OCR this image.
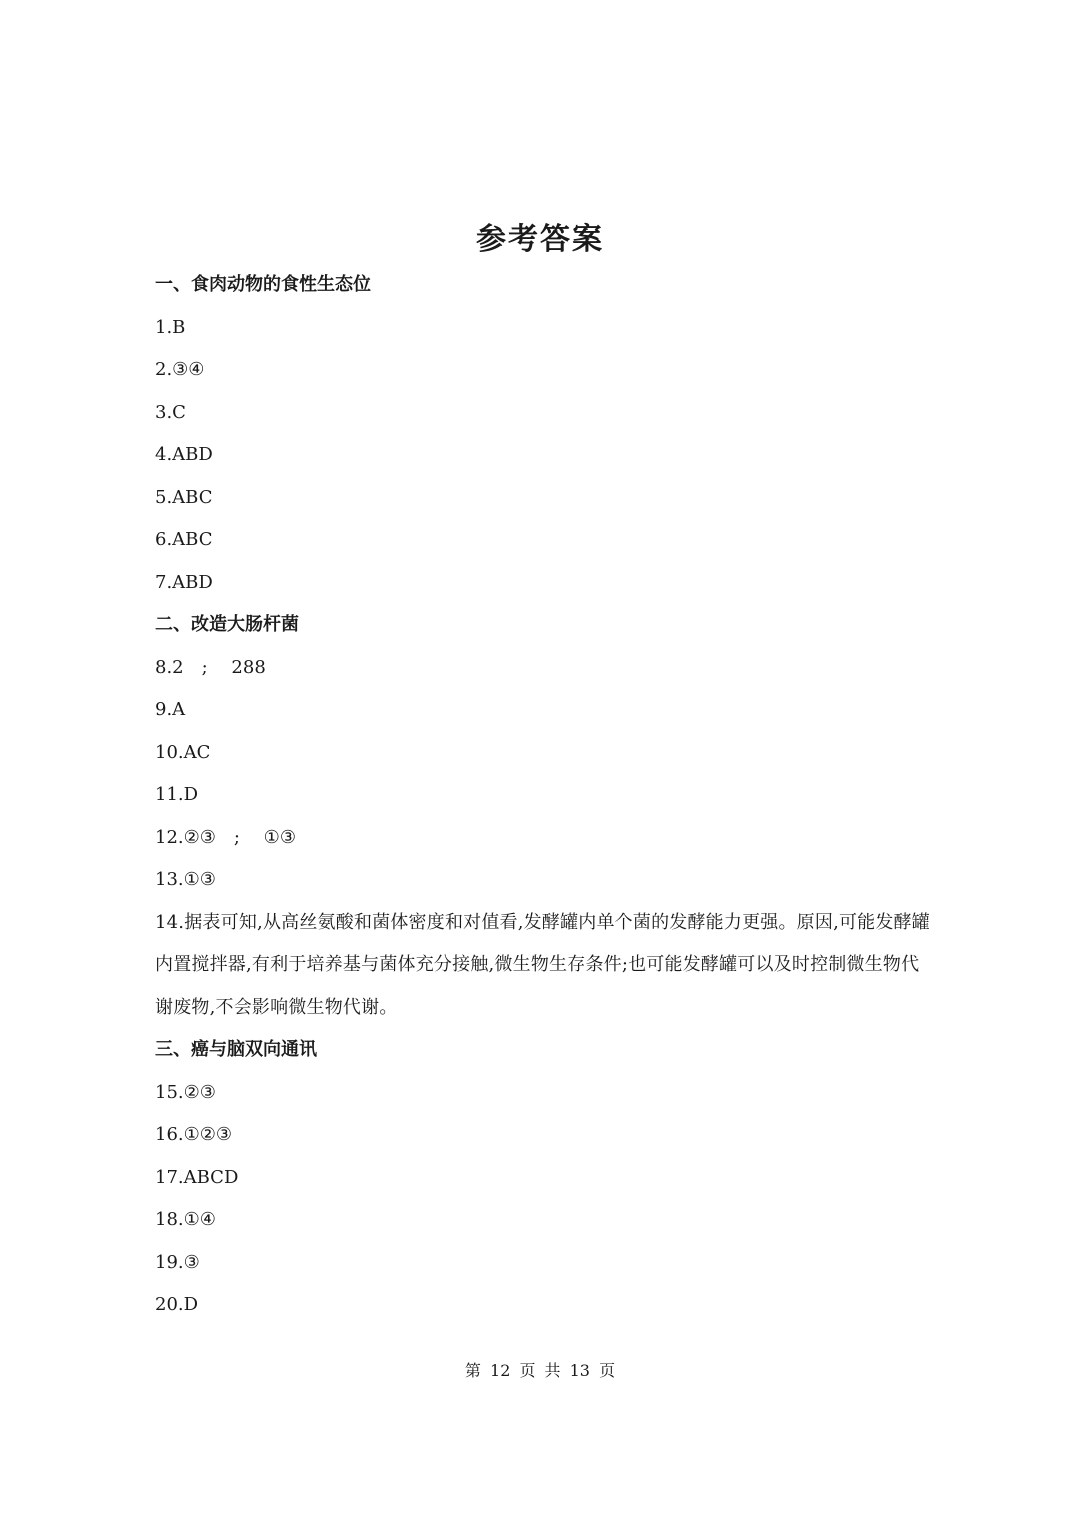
参考答案
一、食肉动物的食性生态位
1.B
2.③④
3.C
4.ABD
5.ABC
6.ABC
7.ABD
二、改造大肠杆菌
8.2　;　 288
9.A
10.AC
11.D
12.②③　;　 ①③
13.①③
14.据表可知,从高丝氨酸和菌体密度和对值看,发酵罐内单个菌的发酵能力更强。原因,可能发酵罐内置搅拌器,有利于培养基与菌体充分接触,微生物生存条件;也可能发酵罐可以及时控制微生物代谢废物,不会影响微生物代谢。
三、癌与脑双向通讯
15.②③
16.①②③
17.ABCD
18.①④
19.③
20.D
第 12 页 共 13 页
